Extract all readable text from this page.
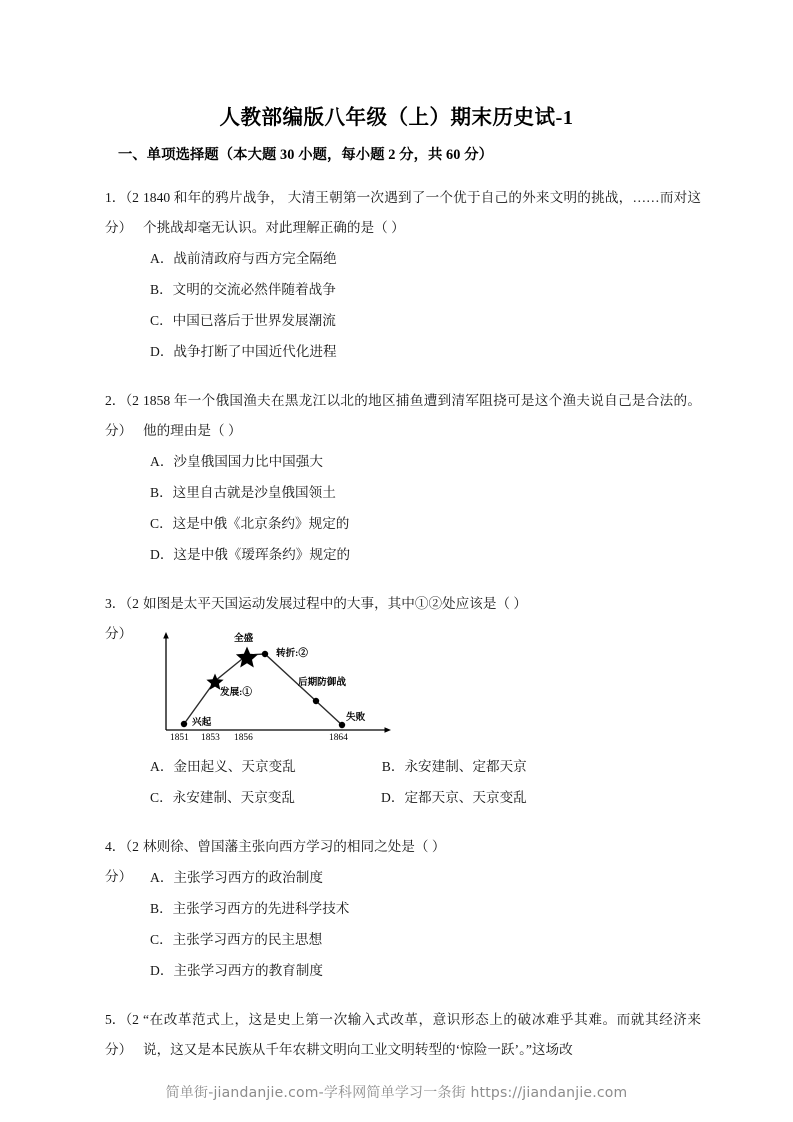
人教部编版八年级（上）期末历史试-1
一、单项选择题（本大题 30 小题，每小题 2 分，共 60 分）
1．（2 分）
1840 和年的鸦片战争， 大清王朝第一次遇到了一个优于自己的外来文明的挑战，……而对这个挑战却毫无认识。对此理解正确的是（ ）
A．战前清政府与西方完全隔绝
B．文明的交流必然伴随着战争
C．中国已落后于世界发展潮流
D．战争打断了中国近代化进程
2．（2 分）
1858 年一个俄国渔夫在黑龙江以北的地区捕鱼遭到清军阻挠可是这个渔夫说自己是合法的。他的理由是（ ）
A．沙皇俄国国力比中国强大
B．这里自古就是沙皇俄国领土
C．这是中俄《北京条约》规定的
D．这是中俄《瑷珲条约》规定的
3．（2分）
如图是太平天国运动发展过程中的大事，其中①②处应该是（ ）
兴起
发展:①
全盛
转折:②
后期防御战
失败
1851 1853 1856	1864
A．金田起义、天京变乱	B．永安建制、定都天京
C．永安建制、天京变乱	D．定都天京、天京变乱
4．（2 分）
林则徐、曾国藩主张向西方学习的相同之处是（ ）
A．主张学习西方的政治制度
B．主张学习西方的先进科学技术
C．主张学习西方的民主思想
D．主张学习西方的教育制度
5．（2 分）
“在改革范式上，这是史上第一次输入式改革，意识形态上的破冰难乎其难。而就其经济来说，这又是本民族从千年农耕文明向工业文明转型的‘惊险一跃’。”这场改
简单街-jiandanjie.com-学科网简单学习一条街 https://jiandanjie.com
